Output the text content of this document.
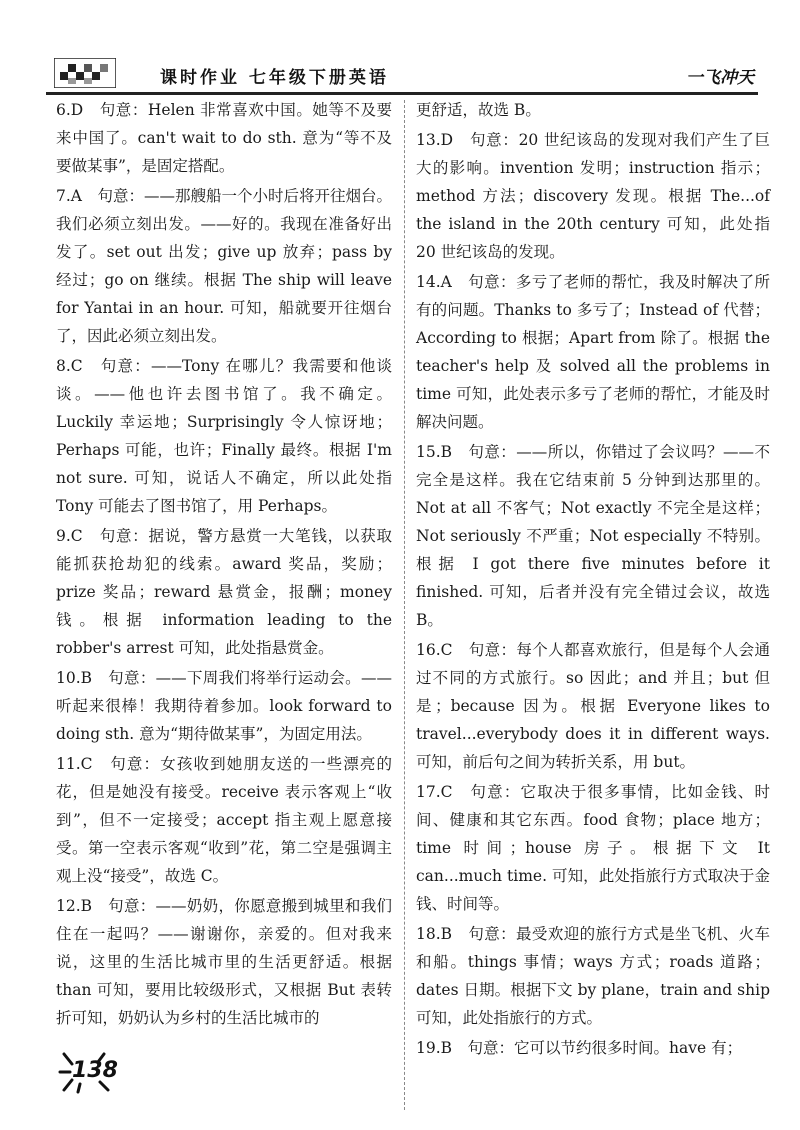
课时作业 七年级下册英语	一飞冲天

6.D　句意：Helen 非常喜欢中国。她等不及要来中国了。can't wait to do sth. 意为“等不及要做某事”，是固定搭配。

7.A　句意：——那艘船一个小时后将开往烟台。我们必须立刻出发。——好的。我现在准备好出发了。set out 出发；give up 放弃；pass by 经过；go on 继续。根据 The ship will leave for Yantai in an hour. 可知，船就要开往烟台了，因此必须立刻出发。

8.C　句意：——Tony 在哪儿？我需要和他谈谈。——他也许去图书馆了。我不确定。Luckily 幸运地；Surprisingly 令人惊讶地；Perhaps 可能，也许；Finally 最终。根据 I'm not sure. 可知，说话人不确定，所以此处指 Tony 可能去了图书馆了，用 Perhaps。

9.C　句意：据说，警方悬赏一大笔钱，以获取能抓获抢劫犯的线索。award 奖品，奖励；prize 奖品；reward 悬赏金，报酬；money 钱。根据 information leading to the robber's arrest 可知，此处指悬赏金。

10.B　句意：——下周我们将举行运动会。——听起来很棒！我期待着参加。look forward to doing sth. 意为“期待做某事”，为固定用法。

11.C　句意：女孩收到她朋友送的一些漂亮的花，但是她没有接受。receive 表示客观上“收到”，但不一定接受；accept 指主观上愿意接受。第一空表示客观“收到”花，第二空是强调主观上没“接受”，故选 C。

12.B　句意：——奶奶，你愿意搬到城里和我们住在一起吗？——谢谢你，亲爱的。但对我来说，这里的生活比城市里的生活更舒适。根据 than 可知，要用比较级形式，又根据 But 表转折可知，奶奶认为乡村的生活比城市的

更舒适，故选 B。

13.D　句意：20 世纪该岛的发现对我们产生了巨大的影响。invention 发明；instruction 指示；method 方法；discovery 发现。根据 The...of the island in the 20th century 可知，此处指 20 世纪该岛的发现。

14.A　句意：多亏了老师的帮忙，我及时解决了所有的问题。Thanks to 多亏了；Instead of 代替；According to 根据；Apart from 除了。根据 the teacher's help 及 solved all the problems in time 可知，此处表示多亏了老师的帮忙，才能及时解决问题。

15.B　句意：——所以，你错过了会议吗？——不完全是这样。我在它结束前 5 分钟到达那里的。Not at all 不客气；Not exactly 不完全是这样；Not seriously 不严重；Not especially 不特别。根据 I got there five minutes before it finished. 可知，后者并没有完全错过会议，故选 B。

16.C　句意：每个人都喜欢旅行，但是每个人会通过不同的方式旅行。so 因此；and 并且；but 但是；because 因为。根据 Everyone likes to travel...everybody does it in different ways. 可知，前后句之间为转折关系，用 but。

17.C　句意：它取决于很多事情，比如金钱、时间、健康和其它东西。food 食物；place 地方；time 时间；house 房子。根据下文 It can...much time. 可知，此处指旅行方式取决于金钱、时间等。

18.B　句意：最受欢迎的旅行方式是坐飞机、火车和船。things 事情；ways 方式；roads 道路；dates 日期。根据下文 by plane，train and ship 可知，此处指旅行的方式。

19.B　句意：它可以节约很多时间。have 有；

138
